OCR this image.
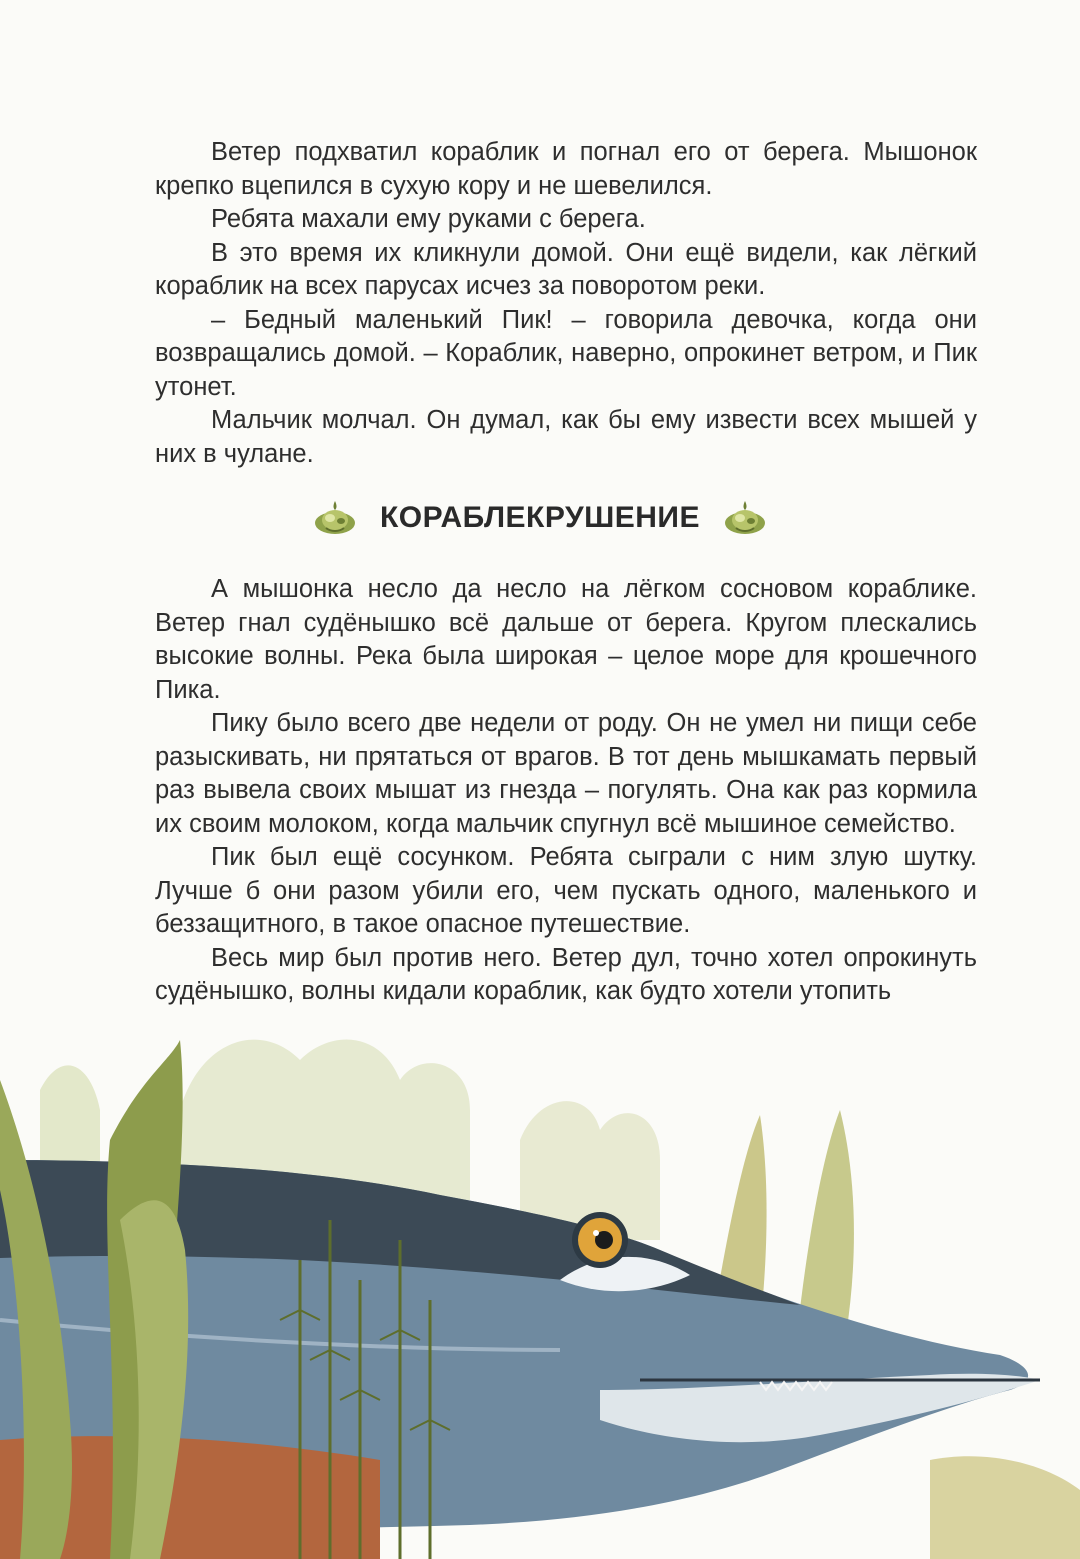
Ветер подхватил кораблик и погнал его от берега. Мышонок крепко вцепился в сухую кору и не шевелился.

Ребята махали ему руками с берега.

В это время их кликнули домой. Они ещё видели, как лёгкий кораблик на всех парусах исчез за поворотом реки.

– Бедный маленький Пик! – говорила девочка, когда они возвращались домой. – Кораблик, наверно, опрокинет ветром, и Пик утонет.

Мальчик молчал. Он думал, как бы ему извести всех мышей у них в чулане.

КОРАБЛЕКРУШЕНИЕ

А мышонка несло да несло на лёгком сосновом кораблике. Ветер гнал судёнышко всё дальше от берега. Кругом плескались высокие волны. Река была широкая – целое море для крошечного Пика.

Пику было всего две недели от роду. Он не умел ни пищи себе разыскивать, ни прятаться от врагов. В тот день мышкамать первый раз вывела своих мышат из гнезда – погулять. Она как раз кормила их своим молоком, когда мальчик спугнул всё мышиное семейство.

Пик был ещё сосунком. Ребята сыграли с ним злую шутку. Лучше б они разом убили его, чем пускать одного, маленького и беззащитного, в такое опасное путешествие.

Весь мир был против него. Ветер дул, точно хотел опрокинуть судёнышко, волны кидали кораблик, как будто хотели утопить
